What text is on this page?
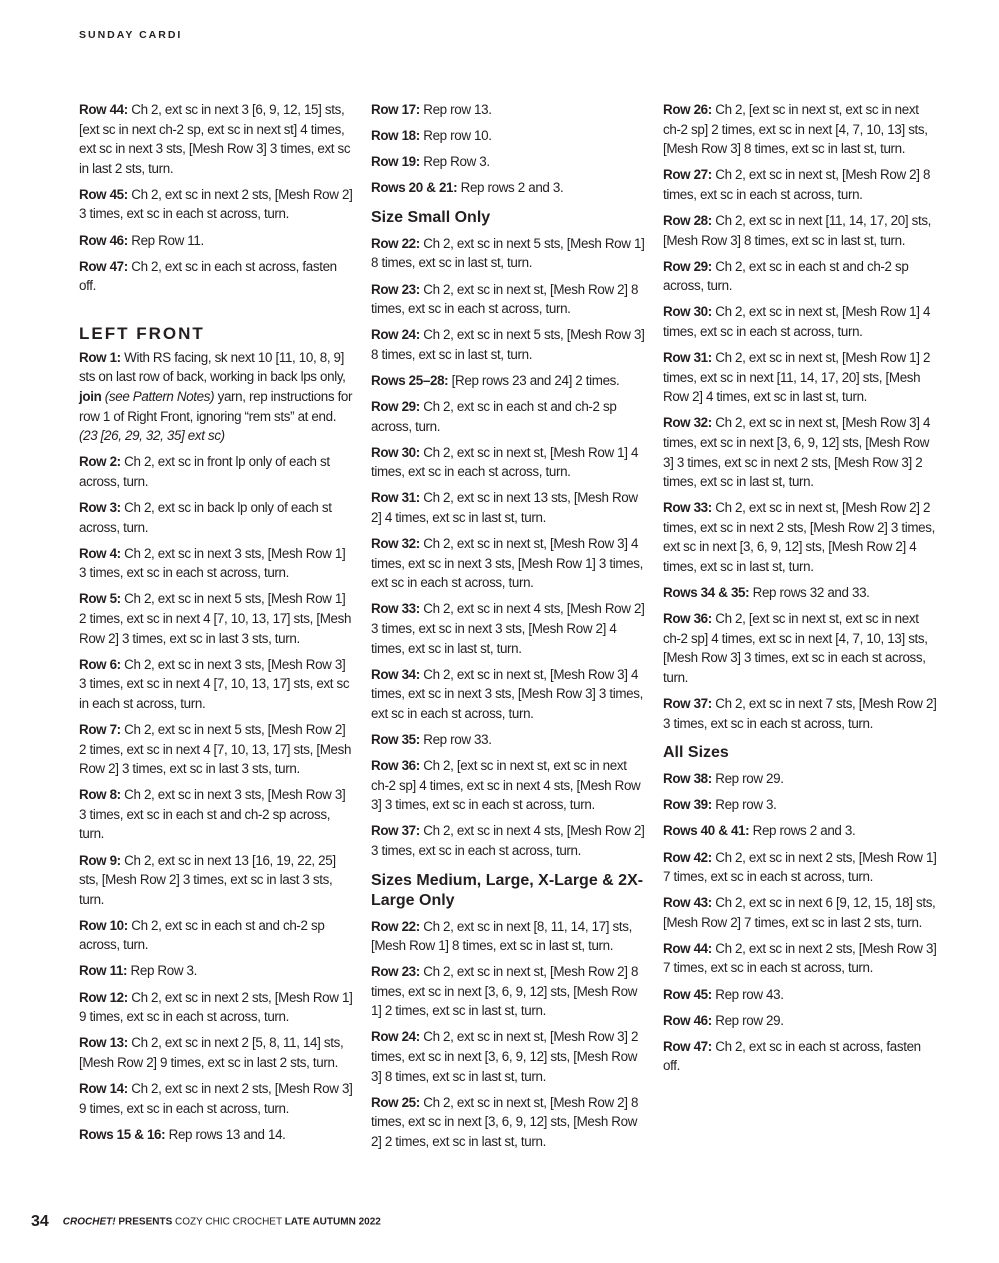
SUNDAY CARDI

Row 44: Ch 2, ext sc in next 3 [6, 9, 12, 15] sts, [ext sc in next ch-2 sp, ext sc in next st] 4 times, ext sc in next 3 sts, [Mesh Row 3] 3 times, ext sc in last 2 sts, turn.

Row 45: Ch 2, ext sc in next 2 sts, [Mesh Row 2] 3 times, ext sc in each st across, turn.

Row 46: Rep Row 11.

Row 47: Ch 2, ext sc in each st across, fasten off.

LEFT FRONT

Row 1: With RS facing, sk next 10 [11, 10, 8, 9] sts on last row of back, working in back lps only, join (see Pattern Notes) yarn, rep instructions for row 1 of Right Front, ignoring “rem sts” at end. (23 [26, 29, 32, 35] ext sc)

Row 2: Ch 2, ext sc in front lp only of each st across, turn.

Row 3: Ch 2, ext sc in back lp only of each st across, turn.

Row 4: Ch 2, ext sc in next 3 sts, [Mesh Row 1] 3 times, ext sc in each st across, turn.

Row 5: Ch 2, ext sc in next 5 sts, [Mesh Row 1] 2 times, ext sc in next 4 [7, 10, 13, 17] sts, [Mesh Row 2] 3 times, ext sc in last 3 sts, turn.

Row 6: Ch 2, ext sc in next 3 sts, [Mesh Row 3] 3 times, ext sc in next 4 [7, 10, 13, 17] sts, ext sc in each st across, turn.

Row 7: Ch 2, ext sc in next 5 sts, [Mesh Row 2] 2 times, ext sc in next 4 [7, 10, 13, 17] sts, [Mesh Row 2] 3 times, ext sc in last 3 sts, turn.

Row 8: Ch 2, ext sc in next 3 sts, [Mesh Row 3] 3 times, ext sc in each st and ch-2 sp across, turn.

Row 9: Ch 2, ext sc in next 13 [16, 19, 22, 25] sts, [Mesh Row 2] 3 times, ext sc in last 3 sts, turn.

Row 10: Ch 2, ext sc in each st and ch-2 sp across, turn.

Row 11: Rep Row 3.

Row 12: Ch 2, ext sc in next 2 sts, [Mesh Row 1] 9 times, ext sc in each st across, turn.

Row 13: Ch 2, ext sc in next 2 [5, 8, 11, 14] sts, [Mesh Row 2] 9 times, ext sc in last 2 sts, turn.

Row 14: Ch 2, ext sc in next 2 sts, [Mesh Row 3] 9 times, ext sc in each st across, turn.

Rows 15 & 16: Rep rows 13 and 14.

Row 17: Rep row 13.

Row 18: Rep row 10.

Row 19: Rep Row 3.

Rows 20 & 21: Rep rows 2 and 3.

Size Small Only

Row 22: Ch 2, ext sc in next 5 sts, [Mesh Row 1] 8 times, ext sc in last st, turn.

Row 23: Ch 2, ext sc in next st, [Mesh Row 2] 8 times, ext sc in each st across, turn.

Row 24: Ch 2, ext sc in next 5 sts, [Mesh Row 3] 8 times, ext sc in last st, turn.

Rows 25–28: [Rep rows 23 and 24] 2 times.

Row 29: Ch 2, ext sc in each st and ch-2 sp across, turn.

Row 30: Ch 2, ext sc in next st, [Mesh Row 1] 4 times, ext sc in each st across, turn.

Row 31: Ch 2, ext sc in next 13 sts, [Mesh Row 2] 4 times, ext sc in last st, turn.

Row 32: Ch 2, ext sc in next st, [Mesh Row 3] 4 times, ext sc in next 3 sts, [Mesh Row 1] 3 times, ext sc in each st across, turn.

Row 33: Ch 2, ext sc in next 4 sts, [Mesh Row 2] 3 times, ext sc in next 3 sts, [Mesh Row 2] 4 times, ext sc in last st, turn.

Row 34: Ch 2, ext sc in next st, [Mesh Row 3] 4 times, ext sc in next 3 sts, [Mesh Row 3] 3 times, ext sc in each st across, turn.

Row 35: Rep row 33.

Row 36: Ch 2, [ext sc in next st, ext sc in next ch-2 sp] 4 times, ext sc in next 4 sts, [Mesh Row 3] 3 times, ext sc in each st across, turn.

Row 37: Ch 2, ext sc in next 4 sts, [Mesh Row 2] 3 times, ext sc in each st across, turn.

Sizes Medium, Large, X-Large & 2X-Large Only

Row 22: Ch 2, ext sc in next [8, 11, 14, 17] sts, [Mesh Row 1] 8 times, ext sc in last st, turn.

Row 23: Ch 2, ext sc in next st, [Mesh Row 2] 8 times, ext sc in next [3, 6, 9, 12] sts, [Mesh Row 1] 2 times, ext sc in last st, turn.

Row 24: Ch 2, ext sc in next st, [Mesh Row 3] 2 times, ext sc in next [3, 6, 9, 12] sts, [Mesh Row 3] 8 times, ext sc in last st, turn.

Row 25: Ch 2, ext sc in next st, [Mesh Row 2] 8 times, ext sc in next [3, 6, 9, 12] sts, [Mesh Row 2] 2 times, ext sc in last st, turn.

Row 26: Ch 2, [ext sc in next st, ext sc in next ch-2 sp] 2 times, ext sc in next [4, 7, 10, 13] sts, [Mesh Row 3] 8 times, ext sc in last st, turn.

Row 27: Ch 2, ext sc in next st, [Mesh Row 2] 8 times, ext sc in each st across, turn.

Row 28: Ch 2, ext sc in next [11, 14, 17, 20] sts, [Mesh Row 3] 8 times, ext sc in last st, turn.

Row 29: Ch 2, ext sc in each st and ch-2 sp across, turn.

Row 30: Ch 2, ext sc in next st, [Mesh Row 1] 4 times, ext sc in each st across, turn.

Row 31: Ch 2, ext sc in next st, [Mesh Row 1] 2 times, ext sc in next [11, 14, 17, 20] sts, [Mesh Row 2] 4 times, ext sc in last st, turn.

Row 32: Ch 2, ext sc in next st, [Mesh Row 3] 4 times, ext sc in next [3, 6, 9, 12] sts, [Mesh Row 3] 3 times, ext sc in next 2 sts, [Mesh Row 3] 2 times, ext sc in last st, turn.

Row 33: Ch 2, ext sc in next st, [Mesh Row 2] 2 times, ext sc in next 2 sts, [Mesh Row 2] 3 times, ext sc in next [3, 6, 9, 12] sts, [Mesh Row 2] 4 times, ext sc in last st, turn.

Rows 34 & 35: Rep rows 32 and 33.

Row 36: Ch 2, [ext sc in next st, ext sc in next ch-2 sp] 4 times, ext sc in next [4, 7, 10, 13] sts, [Mesh Row 3] 3 times, ext sc in each st across, turn.

Row 37: Ch 2, ext sc in next 7 sts, [Mesh Row 2] 3 times, ext sc in each st across, turn.

All Sizes

Row 38: Rep row 29.

Row 39: Rep row 3.

Rows 40 & 41: Rep rows 2 and 3.

Row 42: Ch 2, ext sc in next 2 sts, [Mesh Row 1] 7 times, ext sc in each st across, turn.

Row 43: Ch 2, ext sc in next 6 [9, 12, 15, 18] sts, [Mesh Row 2] 7 times, ext sc in last 2 sts, turn.

Row 44: Ch 2, ext sc in next 2 sts, [Mesh Row 3] 7 times, ext sc in each st across, turn.

Row 45: Rep row 43.

Row 46: Rep row 29.

Row 47: Ch 2, ext sc in each st across, fasten off.

34 CROCHET! PRESENTS COZY CHIC CROCHET LATE AUTUMN 2022
